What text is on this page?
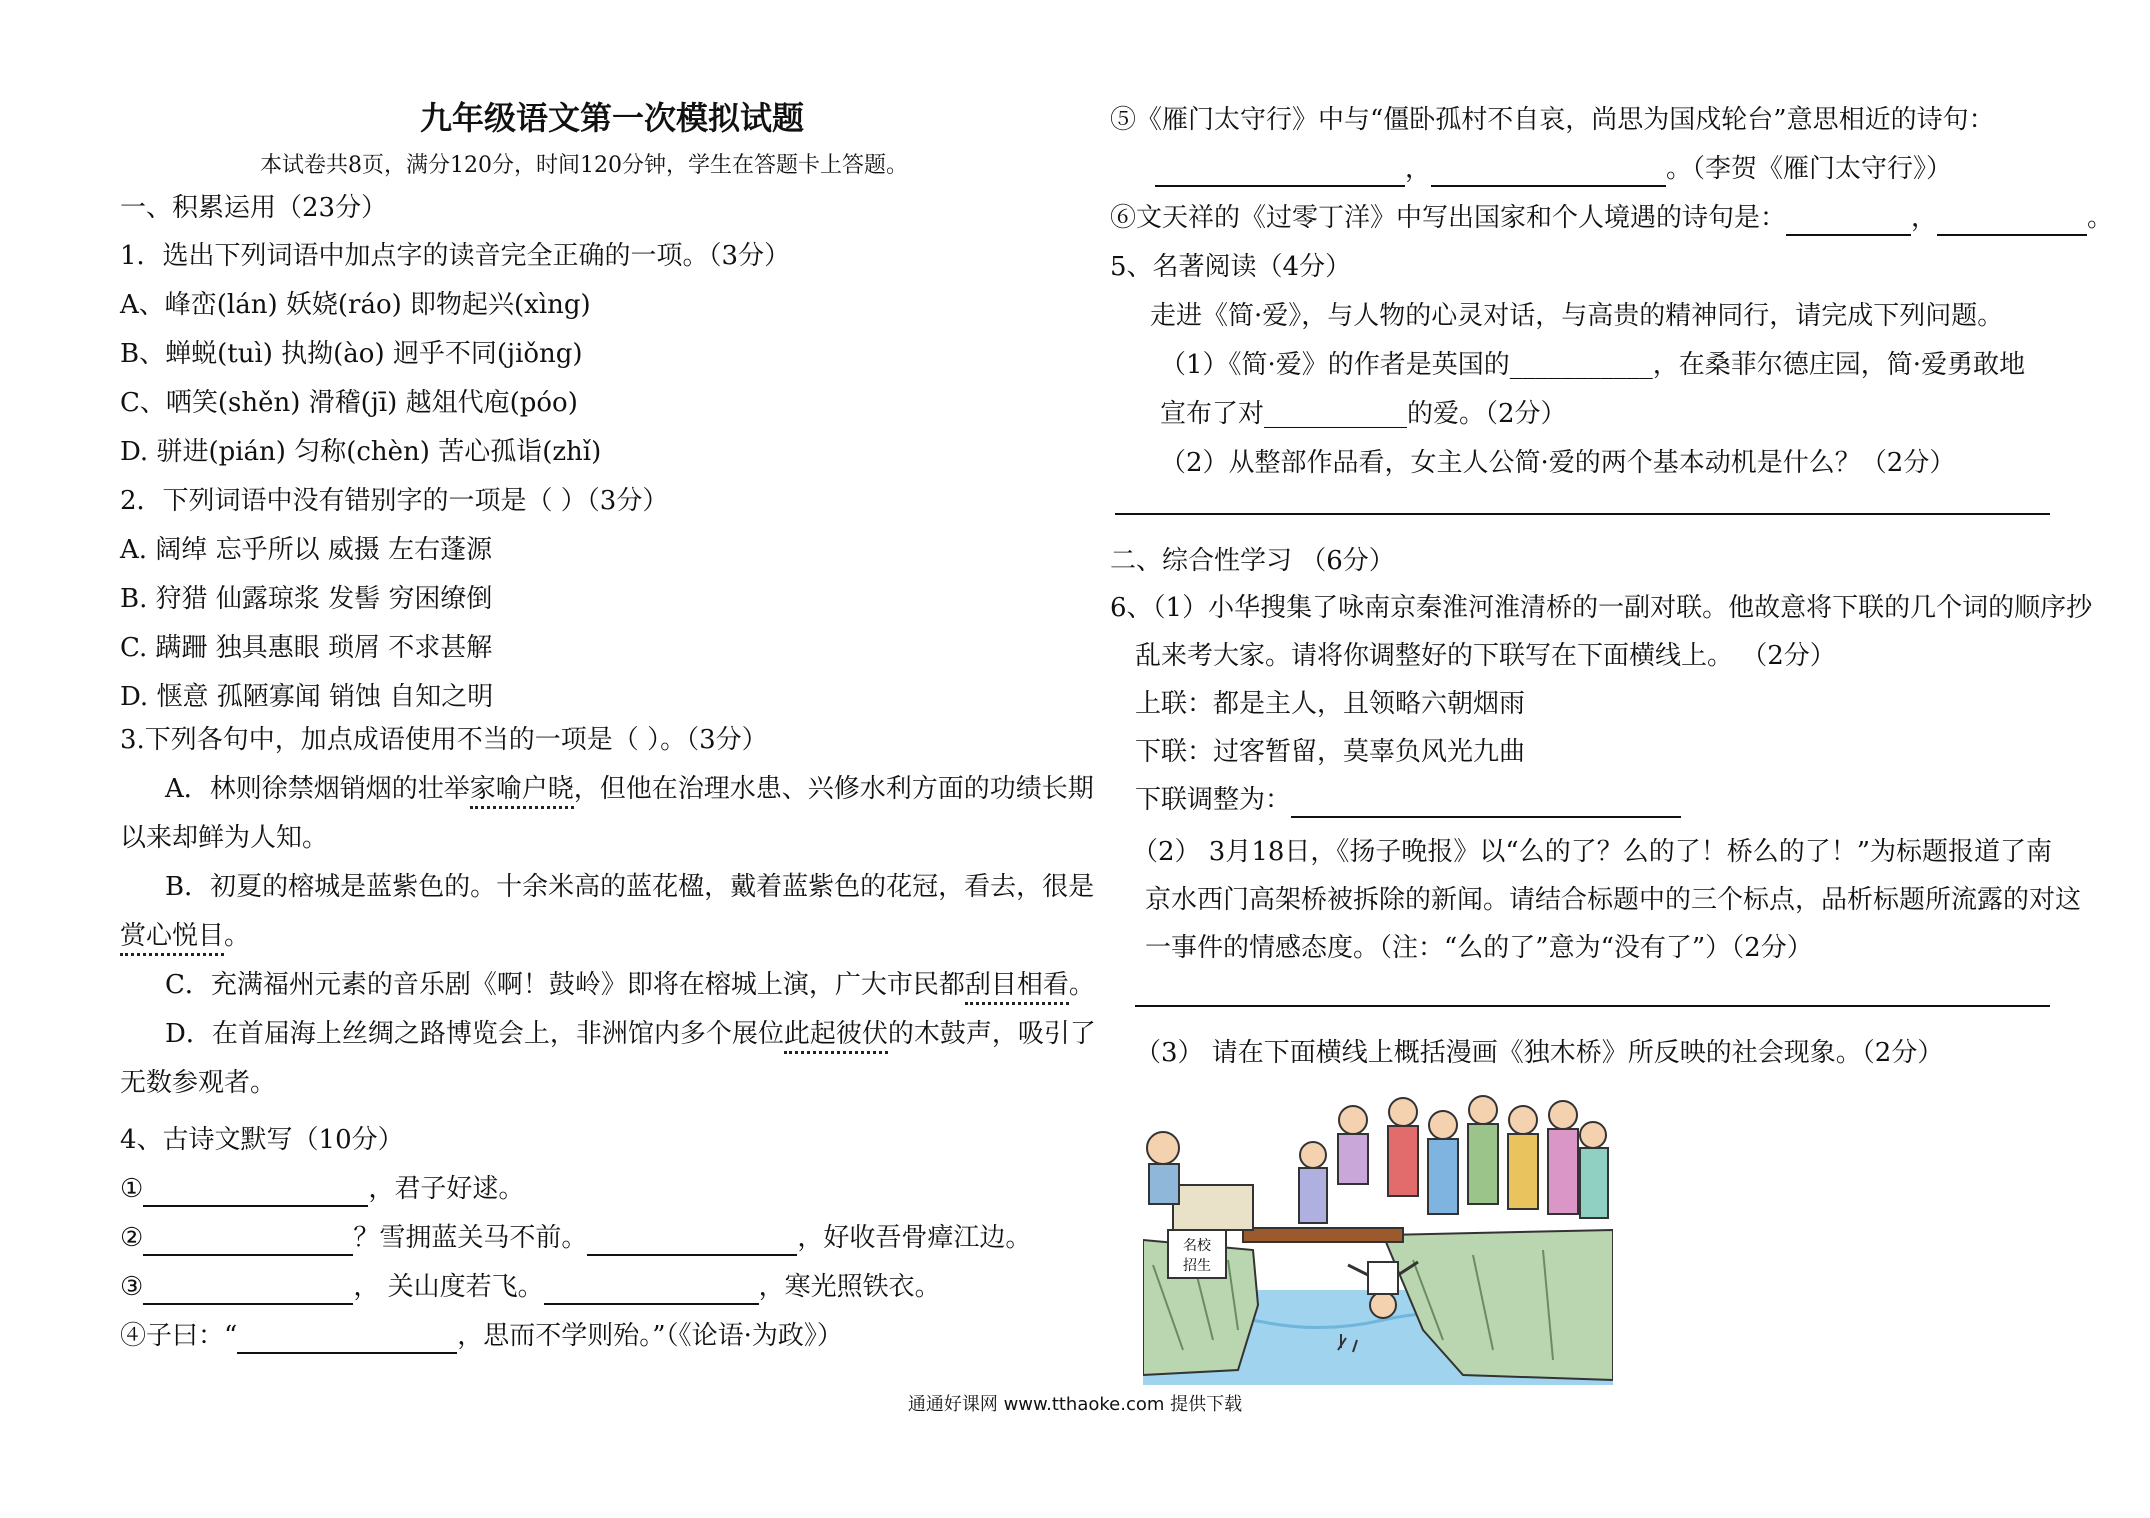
九年级语文第一次模拟试题
本试卷共8页，满分120分，时间120分钟，学生在答题卡上答题。
一、积累运用（23分）
1．选出下列词语中加点字的读音完全正确的一项。（3分）
A、峰峦(lán) 妖娆(ráo) 即物起兴(xìng)
B、蝉蜕(tuì) 执拗(ào) 迥乎不同(jiǒng)
C、哂笑(shěn) 滑稽(jī) 越俎代庖(póo)
D. 骈进(pián) 匀称(chèn) 苦心孤诣(zhǐ)
2．下列词语中没有错别字的一项是（ ）（3分）
A. 阔绰 忘乎所以 威摄 左右蓬源
B. 狩猎 仙露琼浆 发髻 穷困缭倒
C. 蹒跚 独具惠眼 琐屑 不求甚解
D. 惬意 孤陋寡闻 销蚀 自知之明
3.下列各句中，加点成语使用不当的一项是（ ）。（3分）
A．林则徐禁烟销烟的壮举家喻户晓，但他在治理水患、兴修水利方面的功绩长期
以来却鲜为人知。
B．初夏的榕城是蓝紫色的。十余米高的蓝花楹，戴着蓝紫色的花冠，看去，很是
赏心悦目。
C．充满福州元素的音乐剧《啊！鼓岭》即将在榕城上演，广大市民都刮目相看。
D．在首届海上丝绸之路博览会上，非洲馆内多个展位此起彼伏的木鼓声，吸引了
无数参观者。
4、古诗文默写（10分）
①	，君子好逑。
②	？雪拥蓝关马不前。	，好收吾骨瘴江边。
③	， 关山度若飞。	，寒光照铁衣。
④子曰：“	，思而不学则殆。”（《论语·为政》）
⑤《雁门太守行》中与“僵卧孤村不自哀，尚思为国戍轮台”意思相近的诗句：
，	。（李贺《雁门太守行》）
⑥文天祥的《过零丁洋》中写出国家和个人境遇的诗句是：	，	。
5、名著阅读（4分）
走进《简·爱》，与人物的心灵对话，与高贵的精神同行，请完成下列问题。
（1）《简·爱》的作者是英国的___________，在桑菲尔德庄园，简·爱勇敢地
宣布了对___________的爱。（2分）
（2）从整部作品看，女主人公简·爱的两个基本动机是什么？（2分）
二、综合性学习 （6分）
6、（1）小华搜集了咏南京秦淮河淮清桥的一副对联。他故意将下联的几个词的顺序抄
乱来考大家。请将你调整好的下联写在下面横线上。 （2分）
上联：都是主人，且领略六朝烟雨
下联：过客暂留，莫辜负风光九曲
下联调整为：
（2） 3月18日，《扬子晚报》以“么的了？么的了！桥么的了！”为标题报道了南
京水西门高架桥被拆除的新闻。请结合标题中的三个标点，品析标题所流露的对这
一事件的情感态度。（注：“么的了”意为“没有了”）（2分）
（3） 请在下面横线上概括漫画《独木桥》所反映的社会现象。（2分）
名校
招生
通通好课网 www.tthaoke.com 提供下载
